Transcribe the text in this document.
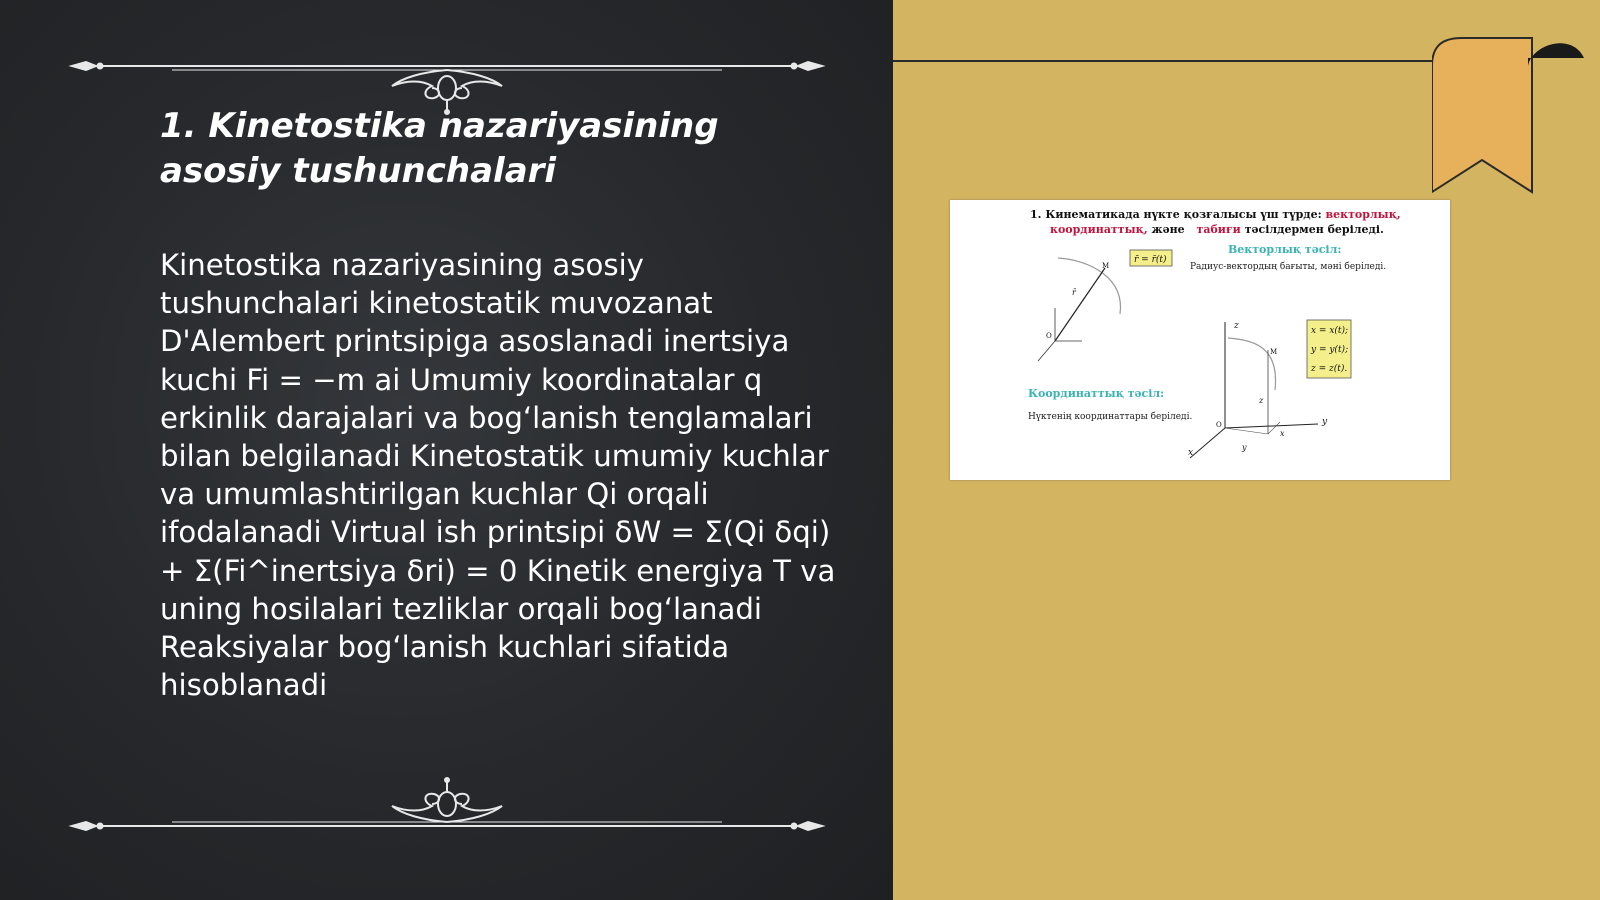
1. Kinetostika nazariyasining asosiy tushunchalari

Kinetostika nazariyasining asosiy tushunchalari kinetostatik muvozanat D'Alembert printsipiga asoslanadi inertsiya kuchi Fi = −m ai Umumiy koordinatalar q erkinlik darajalari va bog‘lanish tenglamalari bilan belgilanadi Kinetostatik umumiy kuchlar va umumlashtirilgan kuchlar Qi orqali ifodalanadi Virtual ish printsipi δW = Σ(Qi δqi) + Σ(Fi^inertsiya δri) = 0 Kinetik energiya T va uning hosilalari tezliklar orqali bog‘lanadi Reaksiyalar bog‘lanish kuchlari sifatida hisoblanadi

1. Кинематикада нүкте қозғалысы үш түрде: векторлық,
координаттық, және табиғи тәсілдермен беріледі.
r̄ = r̄(t)
Векторлық тәсіл:
Радиус-вектордың бағыты, мәні беріледі.
M
r̄
O	x = x(t);
y = y(t);
z = z(t).
M
z
z
y
y
x
x
O
Координаттық тәсіл:
Нүктенің координаттары беріледі.
